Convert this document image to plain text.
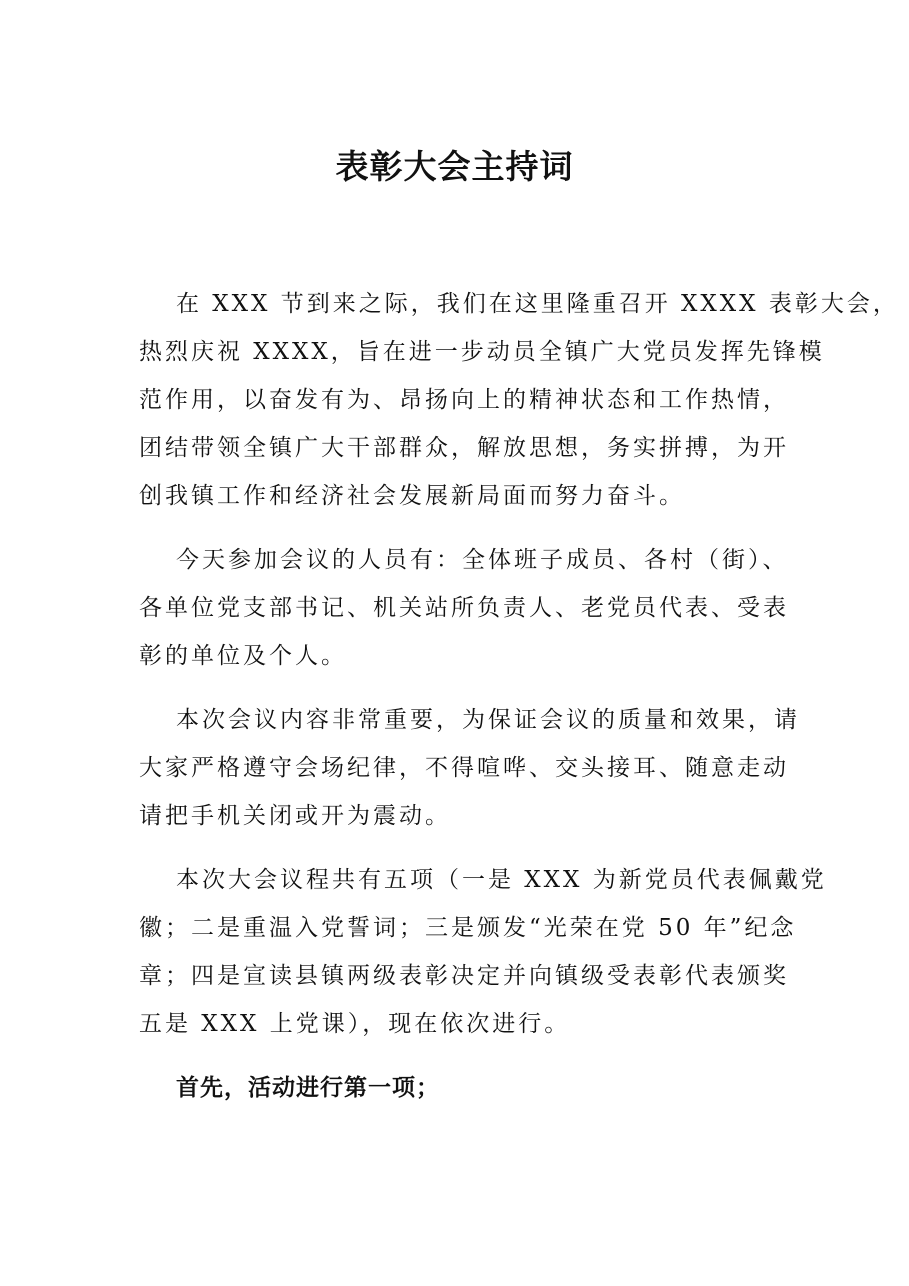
表彰大会主持词

在 XXX 节到来之际，我们在这里隆重召开 XXXX 表彰大会，
热烈庆祝 XXXX，旨在进一步动员全镇广大党员发挥先锋模
范作用，以奋发有为、昂扬向上的精神状态和工作热情，
团结带领全镇广大干部群众，解放思想，务实拼搏，为开
创我镇工作和经济社会发展新局面而努力奋斗。

今天参加会议的人员有：全体班子成员、各村（街）、
各单位党支部书记、机关站所负责人、老党员代表、受表
彰的单位及个人。

本次会议内容非常重要，为保证会议的质量和效果，请
大家严格遵守会场纪律，不得喧哗、交头接耳、随意走动
请把手机关闭或开为震动。

本次大会议程共有五项（一是 XXX 为新党员代表佩戴党
徽；二是重温入党誓词；三是颁发“光荣在党 50 年”纪念
章；四是宣读县镇两级表彰决定并向镇级受表彰代表颁奖
五是 XXX 上党课），现在依次进行。

首先，活动进行第一项；
